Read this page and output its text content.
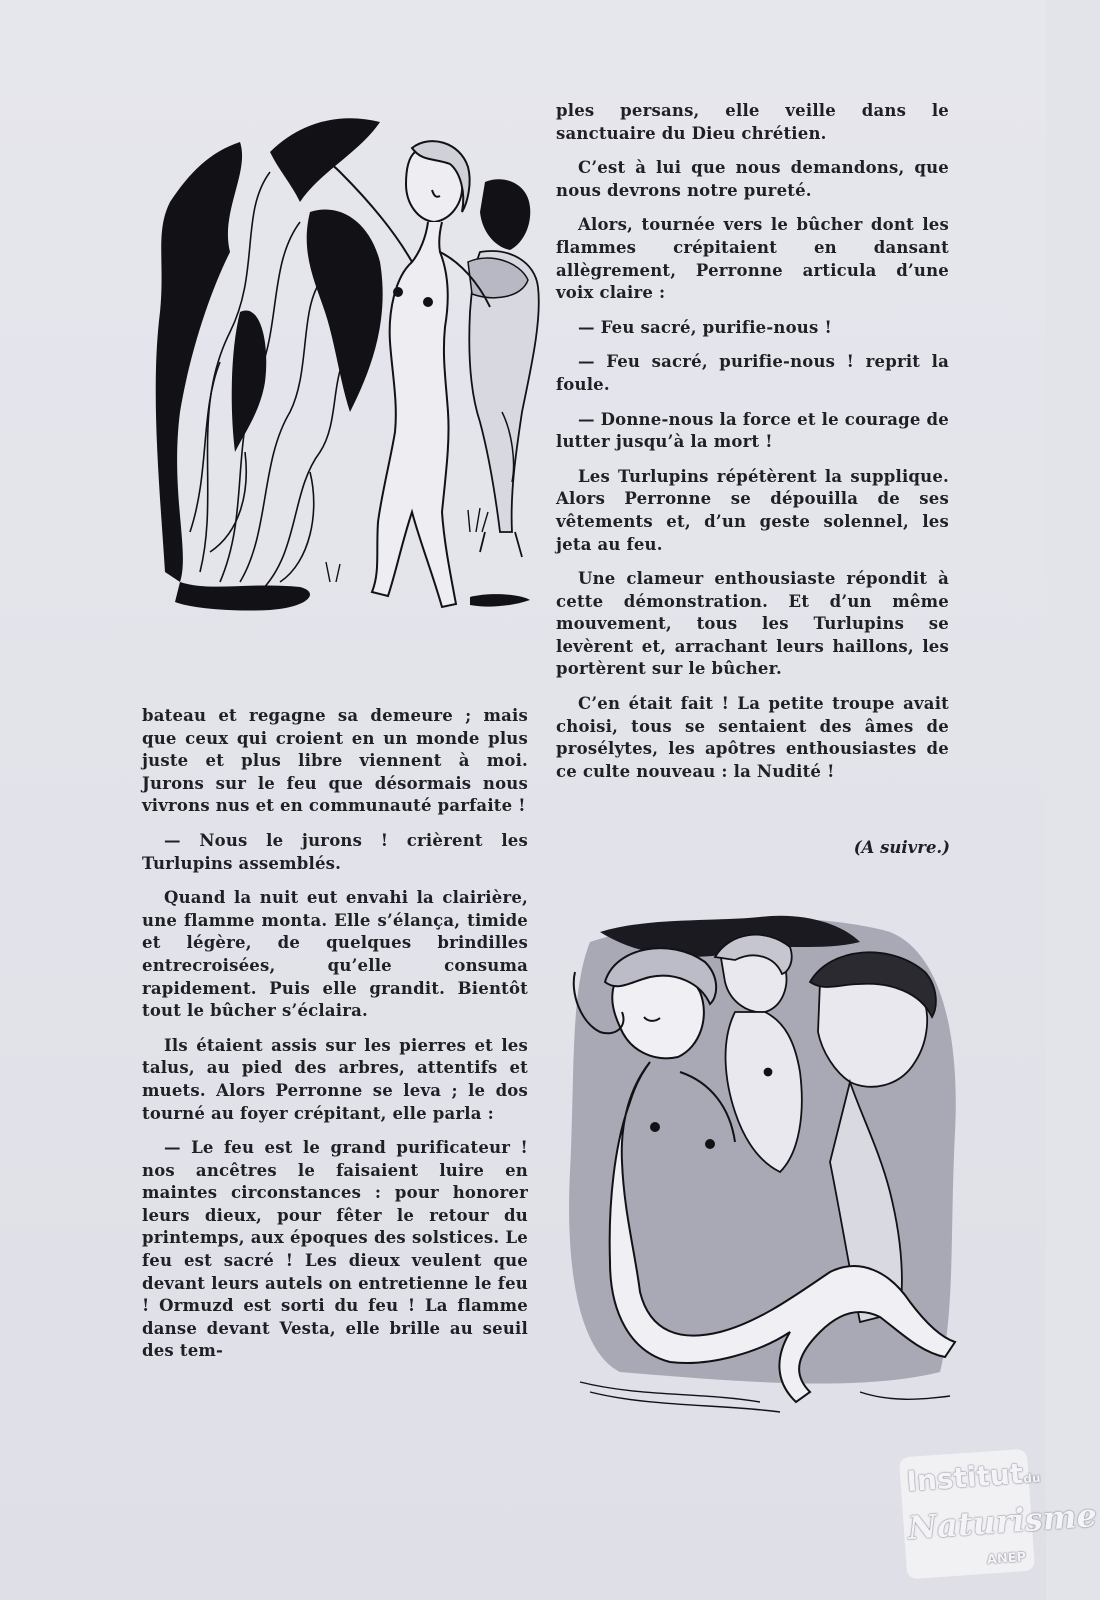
ples persans, elle veille dans le sanctuaire du Dieu chrétien.

C’est à lui que nous demandons, que nous devrons notre pureté.

Alors, tournée vers le bûcher dont les flammes crépitaient en dansant allègrement, Perronne articula d’une voix claire :

— Feu sacré, purifie-nous !

— Feu sacré, purifie-nous ! reprit la foule.

— Donne-nous la force et le courage de lutter jusqu’à la mort !

Les Turlupins répétèrent la supplique. Alors Perronne se dépouilla de ses vêtements et, d’un geste solennel, les jeta au feu.

Une clameur enthousiaste répondit à cette démonstration. Et d’un même mouvement, tous les Turlupins se levèrent et, arrachant leurs haillons, les portèrent sur le bûcher.

C’en était fait ! La petite troupe avait choisi, tous se sentaient des âmes de prosélytes, les apôtres enthousiastes de ce culte nouveau : la Nudité !

(A suivre.)

bateau et regagne sa demeure ; mais que ceux qui croient en un monde plus juste et plus libre viennent à moi. Jurons sur le feu que désormais nous vivrons nus et en communauté parfaite !

— Nous le jurons ! crièrent les Turlupins assemblés.

Quand la nuit eut envahi la clairière, une flamme monta. Elle s’élança, timide et légère, de quelques brindilles entrecroisées, qu’elle consuma rapidement. Puis elle grandit. Bientôt tout le bûcher s’éclaira.

Ils étaient assis sur les pierres et les talus, au pied des arbres, attentifs et muets. Alors Perronne se leva ; le dos tourné au foyer crépitant, elle parla :

— Le feu est le grand purificateur ! nos ancêtres le faisaient luire en maintes circonstances : pour honorer leurs dieux, pour fêter le retour du printemps, aux époques des solstices. Le feu est sacré ! Les dieux veulent que devant leurs autels on entretienne le feu ! Ormuzd est sorti du feu ! La flamme danse devant Vesta, elle brille au seuil des tem-

Institutdu
Naturisme
ANEP
